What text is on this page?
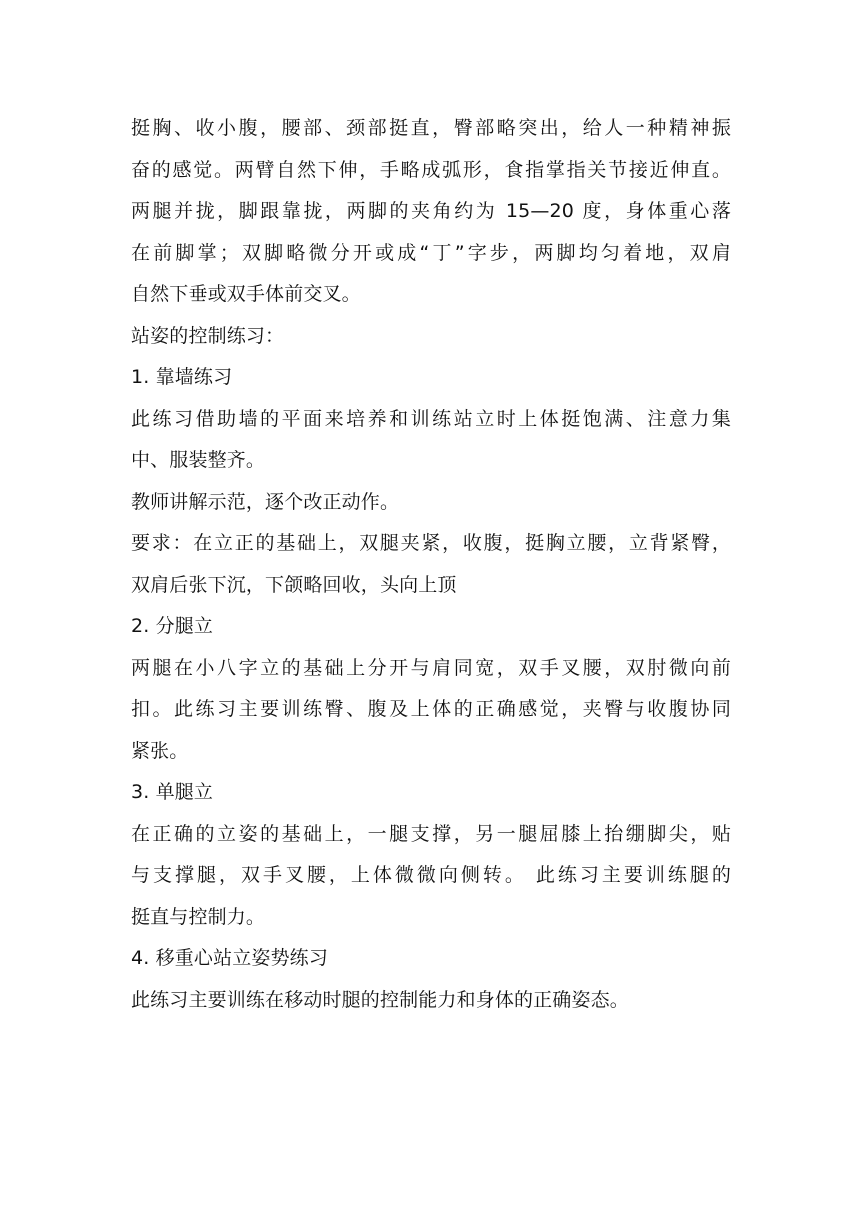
挺胸、收小腹，腰部、颈部挺直，臀部略突出，给人一种精神振
奋的感觉。两臂自然下伸，手略成弧形，食指掌指关节接近伸直。
两腿并拢，脚跟靠拢，两脚的夹角约为 15—20 度，身体重心落
在前脚掌；双脚略微分开或成“丁”字步，两脚均匀着地，双肩
自然下垂或双手体前交叉。
站姿的控制练习：
1. 靠墙练习
此练习借助墙的平面来培养和训练站立时上体挺饱满、注意力集
中、服装整齐。
教师讲解示范，逐个改正动作。
要求：在立正的基础上，双腿夹紧，收腹，挺胸立腰，立背紧臀，
双肩后张下沉，下颌略回收，头向上顶
2. 分腿立
两腿在小八字立的基础上分开与肩同宽，双手叉腰，双肘微向前
扣。此练习主要训练臀、腹及上体的正确感觉，夹臀与收腹协同
紧张。
3. 单腿立
在正确的立姿的基础上，一腿支撑，另一腿屈膝上抬绷脚尖，贴
与支撑腿，双手叉腰，上体微微向侧转。 此练习主要训练腿的
挺直与控制力。
4. 移重心站立姿势练习
此练习主要训练在移动时腿的控制能力和身体的正确姿态。
